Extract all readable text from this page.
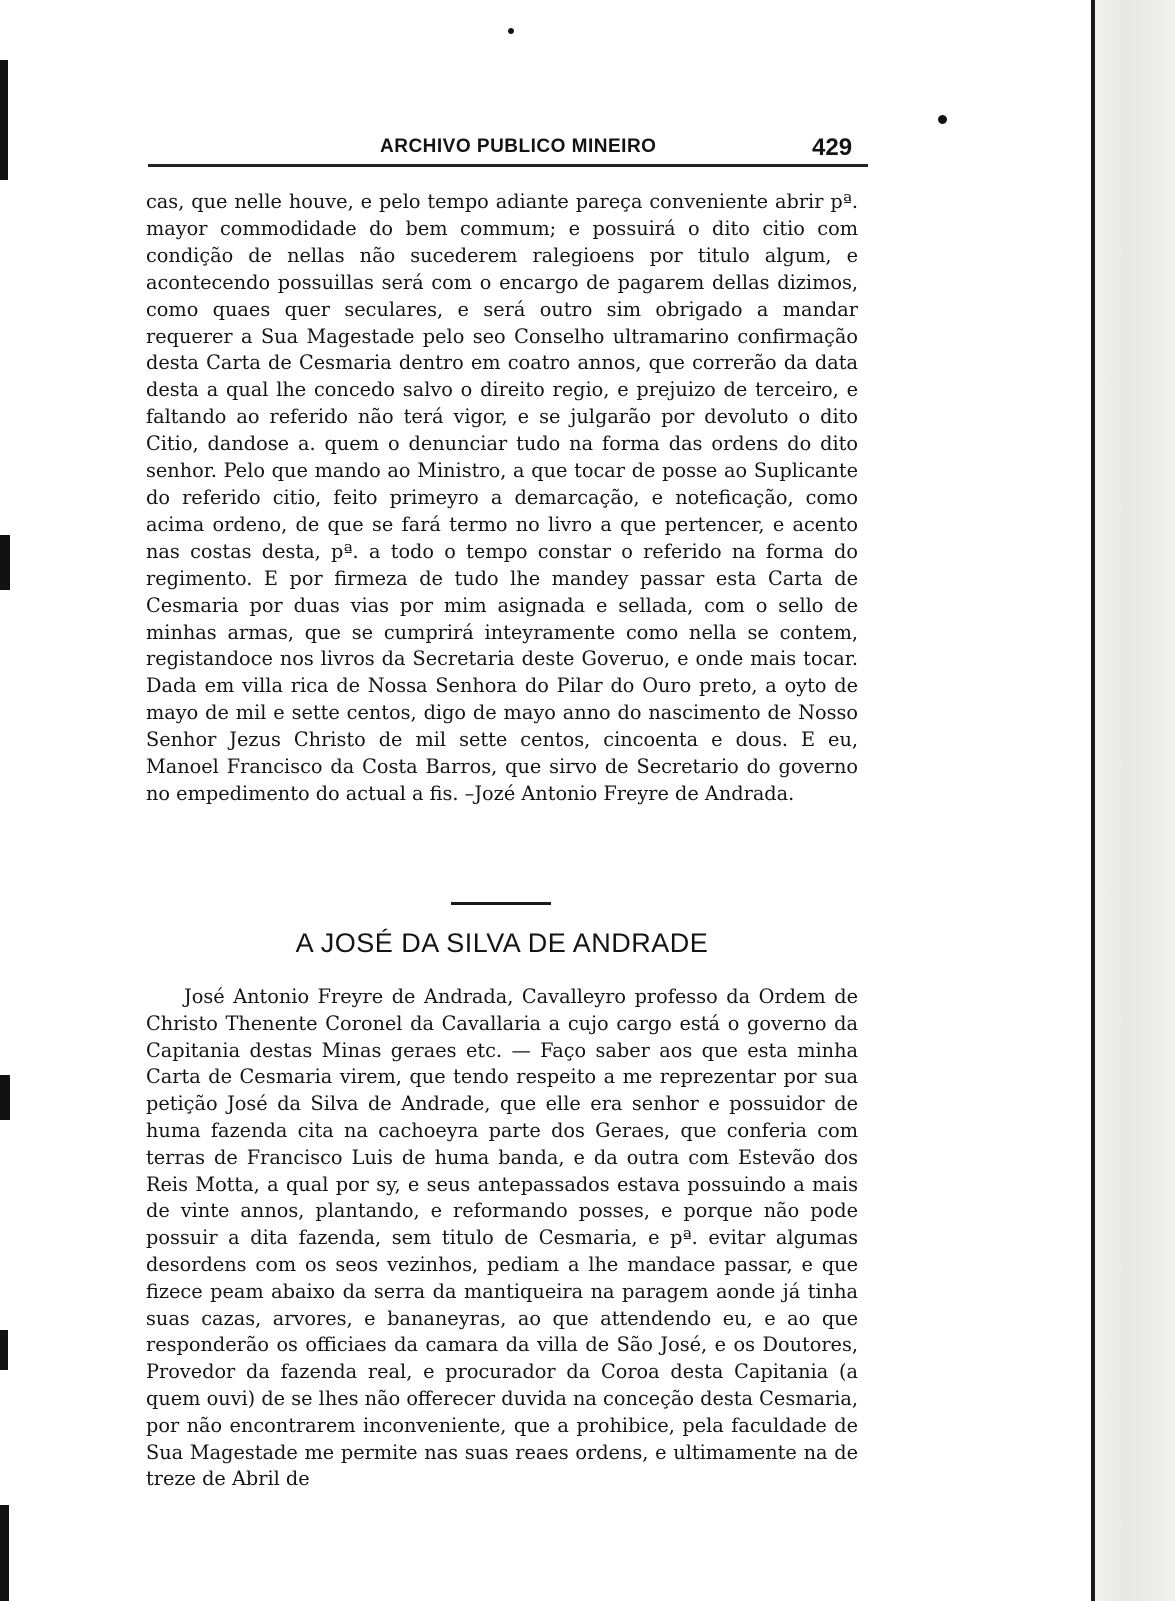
ARCHIVO PUBLICO MINEIRO	429

cas, que nelle houve, e pelo tempo adiante pareça conveniente abrir pª. mayor commodidade do bem commum; e possuirá o dito citio com condição de nellas não sucederem ralegioens por titulo algum, e acontecendo possuillas será com o encargo de pagarem dellas dizimos, como quaes quer seculares, e será outro sim obrigado a mandar requerer a Sua Magestade pelo seo Conselho ultramarino confirmação desta Carta de Cesmaria dentro em coatro annos, que correrão da data desta a qual lhe concedo salvo o direito regio, e prejuizo de terceiro, e faltando ao referido não terá vigor, e se julgarão por devoluto o dito Citio, dandose a. quem o denunciar tudo na forma das ordens do dito senhor. Pelo que mando ao Ministro, a que tocar de posse ao Suplicante do referido citio, feito primeyro a demarcação, e noteficação, como acima ordeno, de que se fará termo no livro a que pertencer, e acento nas costas desta, pª. a todo o tempo constar o referido na forma do regimento. E por firmeza de tudo lhe mandey passar esta Carta de Cesmaria por duas vias por mim asignada e sellada, com o sello de minhas armas, que se cumprirá inteyramente como nella se contem, registandoce nos livros da Secretaria deste Goveruo, e onde mais tocar. Dada em villa rica de Nossa Senhora do Pilar do Ouro preto, a oyto de mayo de mil e sette centos, digo de mayo anno do nascimento de Nosso Senhor Jezus Christo de mil sette centos, cincoenta e dous. E eu, Manoel Francisco da Costa Barros, que sirvo de Secretario do governo no empedimento do actual a fis. –Jozé Antonio Freyre de Andrada.

A JOSÉ DA SILVA DE ANDRADE

José Antonio Freyre de Andrada, Cavalleyro professo da Ordem de Christo Thenente Coronel da Cavallaria a cujo cargo está o governo da Capitania destas Minas geraes etc. — Faço saber aos que esta minha Carta de Cesmaria virem, que tendo respeito a me reprezentar por sua petição José da Silva de Andrade, que elle era senhor e possuidor de huma fazenda cita na cachoeyra parte dos Geraes, que conferia com terras de Francisco Luis de huma banda, e da outra com Estevão dos Reis Motta, a qual por sy, e seus antepassados estava possuindo a mais de vinte annos, plantando, e reformando posses, e porque não pode possuir a dita fazenda, sem titulo de Cesmaria, e pª. evitar algumas desordens com os seos vezinhos, pediam a lhe mandace passar, e que fizece peam abaixo da serra da mantiqueira na paragem aonde já tinha suas cazas, arvores, e bananeyras, ao que attendendo eu, e ao que responderão os officiaes da camara da villa de São José, e os Doutores, Provedor da fazenda real, e procurador da Coroa desta Capitania (a quem ouvi) de se lhes não offerecer duvida na conceção desta Cesmaria, por não encontrarem inconveniente, que a prohibice, pela faculdade de Sua Magestade me permite nas suas reaes ordens, e ultimamente na de treze de Abril de
